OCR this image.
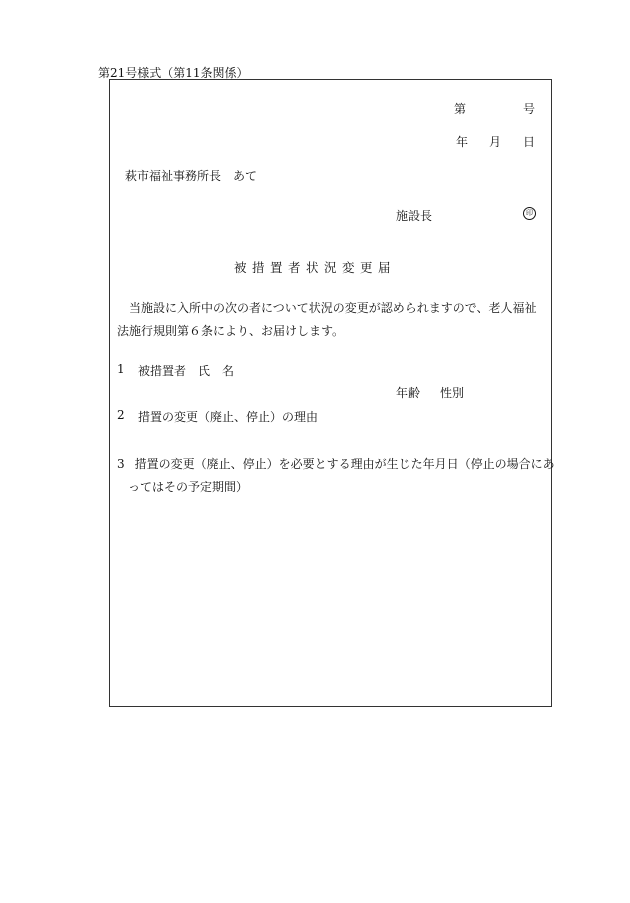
第21号様式（第11条関係）
第	号
年 月 日
萩市福祉事務所長　あて
施設長	印
被措置者状況変更届
当施設に入所中の次の者について状況の変更が認められますので、老人福祉法施行規則第６条により、お届けします。
1 被措置者 氏　名
年齢 性別
2 措置の変更（廃止、停止）の理由
3 措置の変更（廃止、停止）を必要とする理由が生じた年月日（停止の場合にあってはその予定期間）
